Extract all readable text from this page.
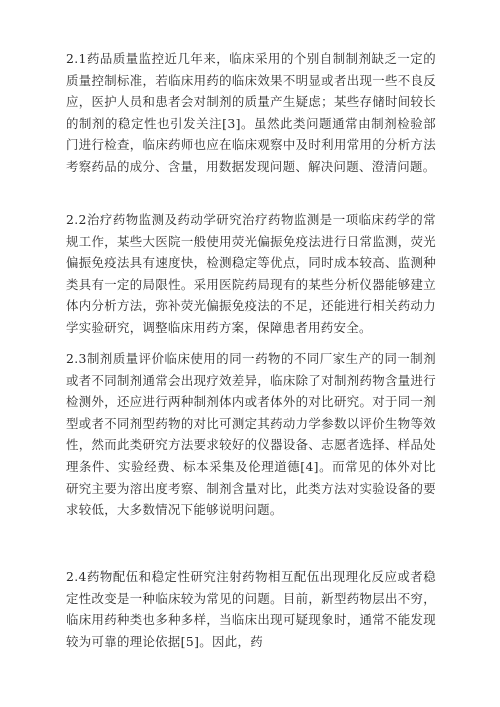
2.1药品质量监控近几年来，临床采用的个别自制制剂缺乏一定的质量控制标准，若临床用药的临床效果不明显或者出现一些不良反应，医护人员和患者会对制剂的质量产生疑虑；某些存储时间较长的制剂的稳定性也引发关注[3]。虽然此类问题通常由制剂检验部门进行检查，临床药师也应在临床观察中及时利用常用的分析方法考察药品的成分、含量，用数据发现问题、解决问题、澄清问题。

2.2治疗药物监测及药动学研究治疗药物监测是一项临床药学的常规工作，某些大医院一般使用荧光偏振免疫法进行日常监测，荧光偏振免疫法具有速度快，检测稳定等优点，同时成本较高、监测种类具有一定的局限性。采用医院药局现有的某些分析仪器能够建立体内分析方法，弥补荧光偏振免疫法的不足，还能进行相关药动力学实验研究，调整临床用药方案，保障患者用药安全。

2.3制剂质量评价临床使用的同一药物的不同厂家生产的同一制剂或者不同制剂通常会出现疗效差异，临床除了对制剂药物含量进行检测外，还应进行两种制剂体内或者体外的对比研究。对于同一剂型或者不同剂型药物的对比可测定其药动力学参数以评价生物等效性，然而此类研究方法要求较好的仪器设备、志愿者选择、样品处理条件、实验经费、标本采集及伦理道德[4]。而常见的体外对比研究主要为溶出度考察、制剂含量对比，此类方法对实验设备的要求较低，大多数情况下能够说明问题。

2.4药物配伍和稳定性研究注射药物相互配伍出现理化反应或者稳定性改变是一种临床较为常见的问题。目前，新型药物层出不穷，临床用药种类也多种多样，当临床出现可疑现象时，通常不能发现较为可靠的理论依据[5]。因此，药
